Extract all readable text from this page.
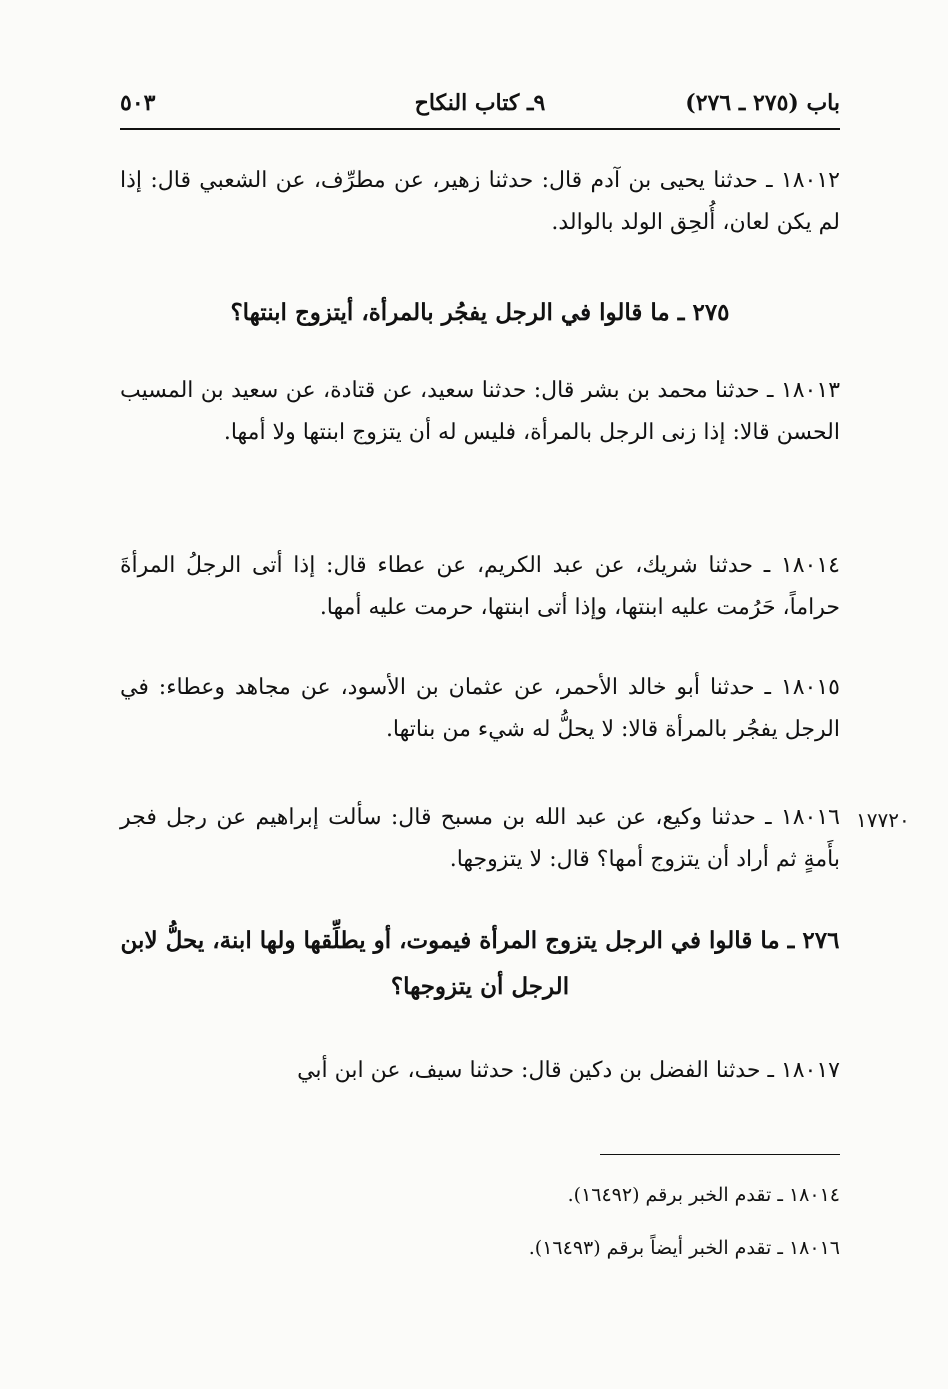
باب (٢٧٥ ـ ٢٧٦)
٩ـ كتاب النكاح
٥٠٣

١٨٠١٢ ـ حدثنا يحيى بن آدم قال: حدثنا زهير، عن مطرِّف، عن الشعبي قال: إذا لم يكن لعان، أُلحِق الولد بالوالد.

٢٧٥ ـ ما قالوا في الرجل يفجُر بالمرأة، أيتزوج ابنتها؟

١٨٠١٣ ـ حدثنا محمد بن بشر قال: حدثنا سعيد، عن قتادة، عن سعيد بن المسيب الحسن قالا: إذا زنى الرجل بالمرأة، فليس له أن يتزوج ابنتها ولا أمها.

١٨٠١٤ ـ حدثنا شريك، عن عبد الكريم، عن عطاء قال: إذا أتى الرجلُ المرأةَ حراماً، حَرُمت عليه ابنتها، وإذا أتى ابنتها، حرمت عليه أمها.

١٨٠١٥ ـ حدثنا أبو خالد الأحمر، عن عثمان بن الأسود، عن مجاهد وعطاء: في الرجل يفجُر بالمرأة قالا: لا يحلُّ له شيء من بناتها.

١٧٧٢٠

١٨٠١٦ ـ حدثنا وكيع، عن عبد الله بن مسبح قال: سألت إبراهيم عن رجل فجر بأَمةٍ ثم أراد أن يتزوج أمها؟ قال: لا يتزوجها.

٢٧٦ ـ ما قالوا في الرجل يتزوج المرأة فيموت، أو يطلِّقها ولها ابنة، يحلُّ لابن الرجل أن يتزوجها؟

١٨٠١٧ ـ حدثنا الفضل بن دكين قال: حدثنا سيف، عن ابن أبي

١٨٠١٤ ـ تقدم الخبر برقم (١٦٤٩٢).
١٨٠١٦ ـ تقدم الخبر أيضاً برقم (١٦٤٩٣).
